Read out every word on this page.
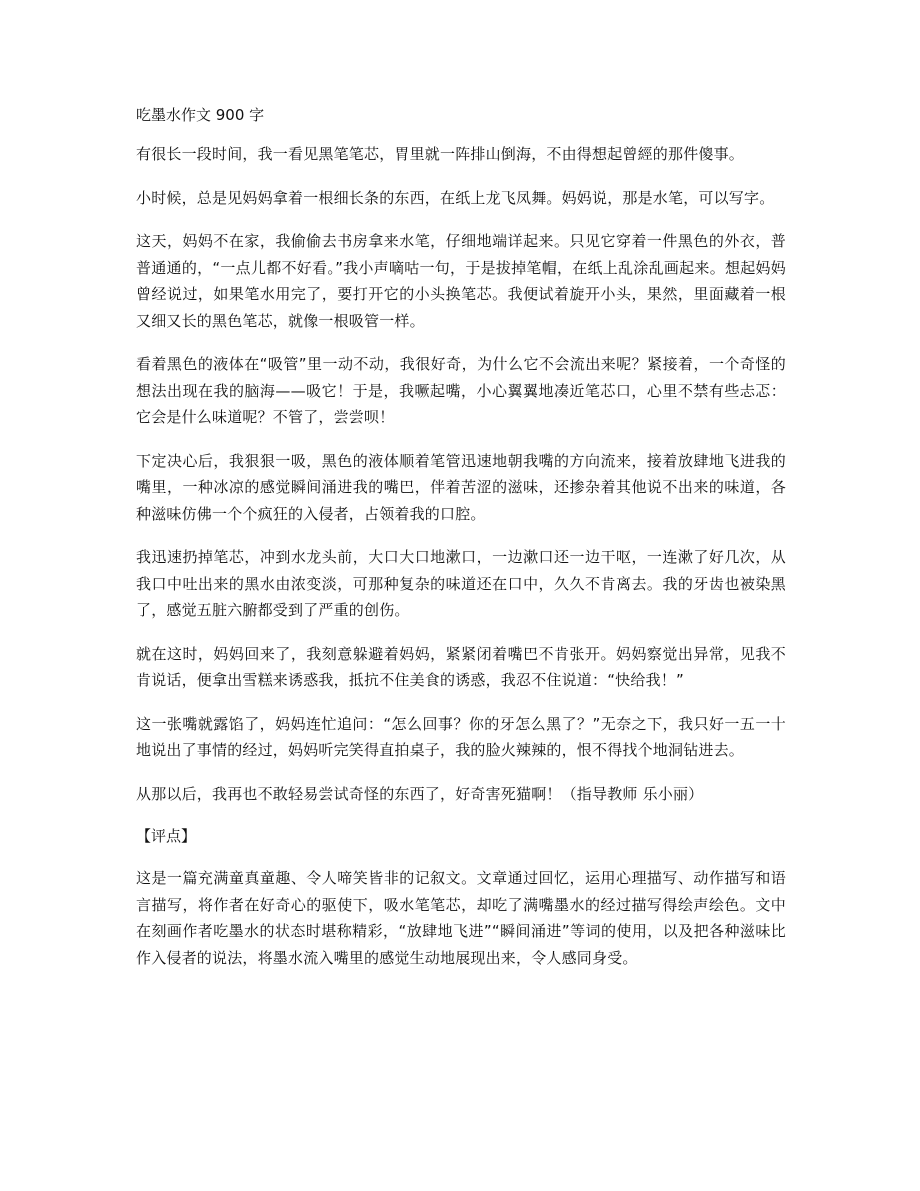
吃墨水作文 900 字

有很长一段时间，我一看见黑笔笔芯，胃里就一阵排山倒海，不由得想起曾經的那件傻事。

小时候，总是见妈妈拿着一根细长条的东西，在纸上龙飞凤舞。妈妈说，那是水笔，可以写字。

这天，妈妈不在家，我偷偷去书房拿来水笔，仔细地端详起来。只见它穿着一件黑色的外衣，普普通通的，“一点儿都不好看。”我小声嘀咕一句，于是拔掉笔帽，在纸上乱涂乱画起来。想起妈妈曾经说过，如果笔水用完了，要打开它的小头换笔芯。我便试着旋开小头，果然，里面藏着一根又细又长的黑色笔芯，就像一根吸管一样。

看着黑色的液体在“吸管”里一动不动，我很好奇，为什么它不会流出来呢？紧接着，一个奇怪的想法出现在我的脑海——吸它！于是，我噘起嘴，小心翼翼地凑近笔芯口，心里不禁有些忐忑：它会是什么味道呢？不管了，尝尝呗！

下定决心后，我狠狠一吸，黑色的液体顺着笔管迅速地朝我嘴的方向流来，接着放肆地飞进我的嘴里，一种冰凉的感觉瞬间涌进我的嘴巴，伴着苦涩的滋味，还掺杂着其他说不出来的味道，各种滋味仿佛一个个疯狂的入侵者，占领着我的口腔。

我迅速扔掉笔芯，冲到水龙头前，大口大口地漱口，一边漱口还一边干呕，一连漱了好几次，从我口中吐出来的黑水由浓变淡，可那种复杂的味道还在口中，久久不肯离去。我的牙齿也被染黑了，感觉五脏六腑都受到了严重的创伤。

就在这时，妈妈回来了，我刻意躲避着妈妈，紧紧闭着嘴巴不肯张开。妈妈察觉出异常，见我不肯说话，便拿出雪糕来诱惑我，抵抗不住美食的诱惑，我忍不住说道：“快给我！”

这一张嘴就露馅了，妈妈连忙追问：“怎么回事？你的牙怎么黑了？”无奈之下，我只好一五一十地说出了事情的经过，妈妈听完笑得直拍桌子，我的脸火辣辣的，恨不得找个地洞钻进去。

从那以后，我再也不敢轻易尝试奇怪的东西了，好奇害死猫啊！（指导教师 乐小丽）

【评点】

这是一篇充满童真童趣、令人啼笑皆非的记叙文。文章通过回忆，运用心理描写、动作描写和语言描写，将作者在好奇心的驱使下，吸水笔笔芯，却吃了满嘴墨水的经过描写得绘声绘色。文中在刻画作者吃墨水的状态时堪称精彩，“放肆地飞进”“瞬间涌进”等词的使用，以及把各种滋味比作入侵者的说法，将墨水流入嘴里的感觉生动地展现出来，令人感同身受。
